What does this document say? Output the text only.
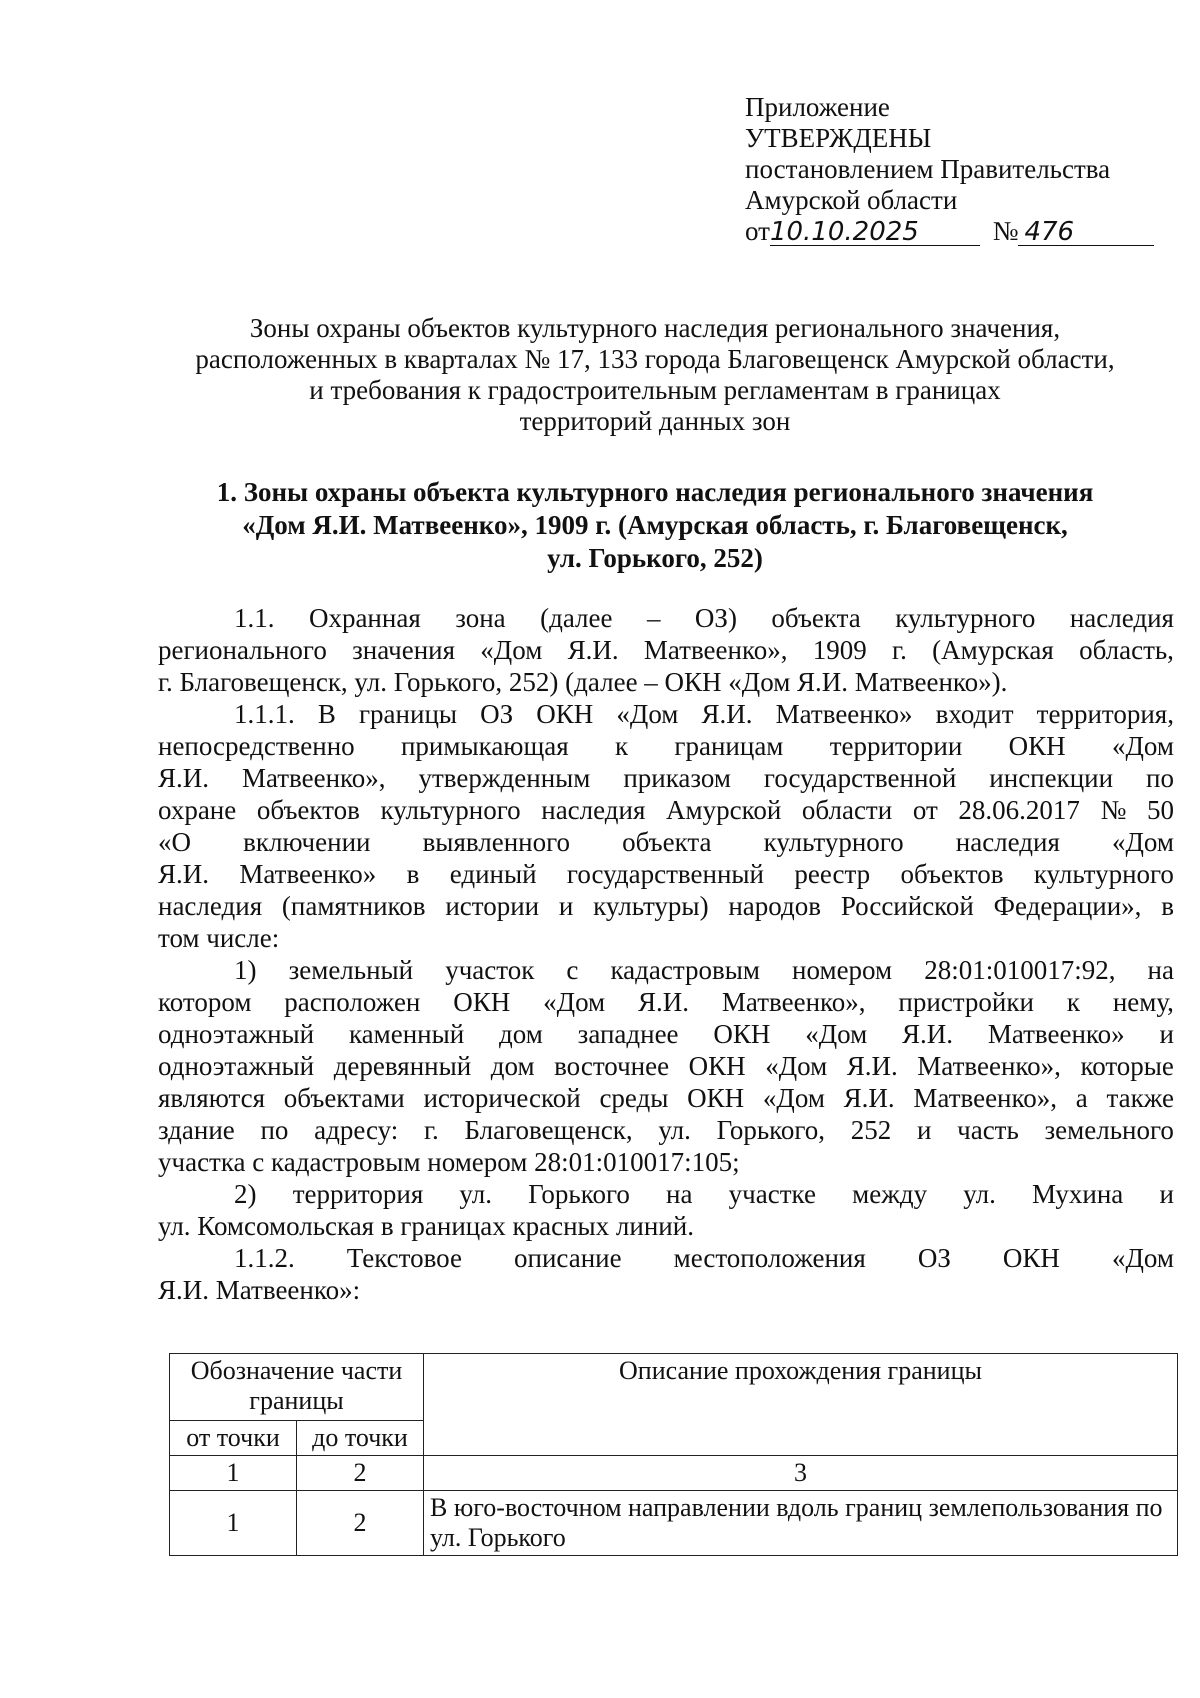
Приложение
УТВЕРЖДЕНЫ
постановлением Правительства
Амурской области
от10.10.2025	№ 476
Зоны охраны объектов культурного наследия регионального значения,
расположенных в кварталах № 17, 133 города Благовещенск Амурской области,
и требования к градостроительным регламентам в границах
территорий данных зон
1. Зоны охраны объекта культурного наследия регионального значения
«Дом Я.И. Матвеенко», 1909 г. (Амурская область, г. Благовещенск,
ул. Горького, 252)
1.1. Охранная зона (далее – ОЗ) объекта культурного наследия
регионального значения «Дом Я.И. Матвеенко», 1909 г. (Амурская область,
г. Благовещенск, ул. Горького, 252) (далее – ОКН «Дом Я.И. Матвеенко»).
1.1.1. В границы ОЗ ОКН «Дом Я.И. Матвеенко» входит территория,
непосредственно примыкающая к границам территории ОКН «Дом
Я.И. Матвеенко», утвержденным приказом государственной инспекции по
охране объектов культурного наследия Амурской области от 28.06.2017 № 50
«О включении выявленного объекта культурного наследия «Дом
Я.И. Матвеенко» в единый государственный реестр объектов культурного
наследия (памятников истории и культуры) народов Российской Федерации», в
том числе:
1) земельный участок с кадастровым номером 28:01:010017:92, на
котором расположен ОКН «Дом Я.И. Матвеенко», пристройки к нему,
одноэтажный каменный дом западнее ОКН «Дом Я.И. Матвеенко» и
одноэтажный деревянный дом восточнее ОКН «Дом Я.И. Матвеенко», которые
являются объектами исторической среды ОКН «Дом Я.И. Матвеенко», а также
здание по адресу: г. Благовещенск, ул. Горького, 252 и часть земельного
участка с кадастровым номером 28:01:010017:105;
2) территория ул. Горького на участке между ул. Мухина и
ул. Комсомольская в границах красных линий.
1.1.2. Текстовое описание местоположения ОЗ ОКН «Дом
Я.И. Матвеенко»:
Обозначение части границы		Описание прохождения границы
от точки	до точки	
1	2	3
1	2	В юго-восточном направлении вдоль границ землепользования по ул. Горького
